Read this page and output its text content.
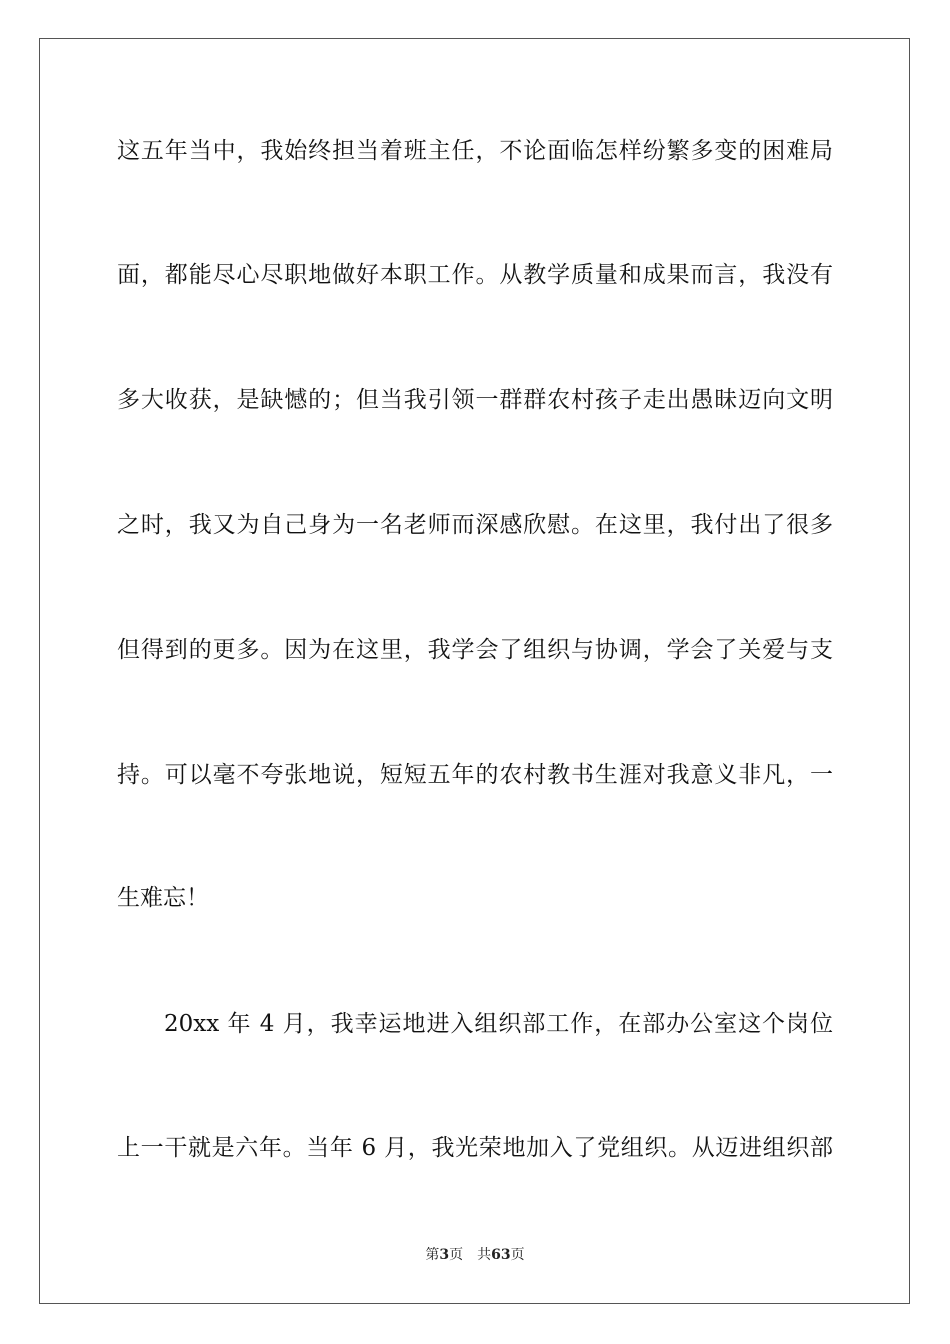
这五年当中，我始终担当着班主任，不论面临怎样纷繁多变的困难局
面，都能尽心尽职地做好本职工作。从教学质量和成果而言，我没有
多大收获，是缺憾的；但当我引领一群群农村孩子走出愚昧迈向文明
之时，我又为自己身为一名老师而深感欣慰。在这里，我付出了很多
但得到的更多。因为在这里，我学会了组织与协调，学会了关爱与支
持。可以毫不夸张地说，短短五年的农村教书生涯对我意义非凡，一
生难忘！
20xx 年 4 月，我幸运地进入组织部工作，在部办公室这个岗位
上一干就是六年。当年 6 月，我光荣地加入了党组织。从迈进组织部
第3页 共63页
